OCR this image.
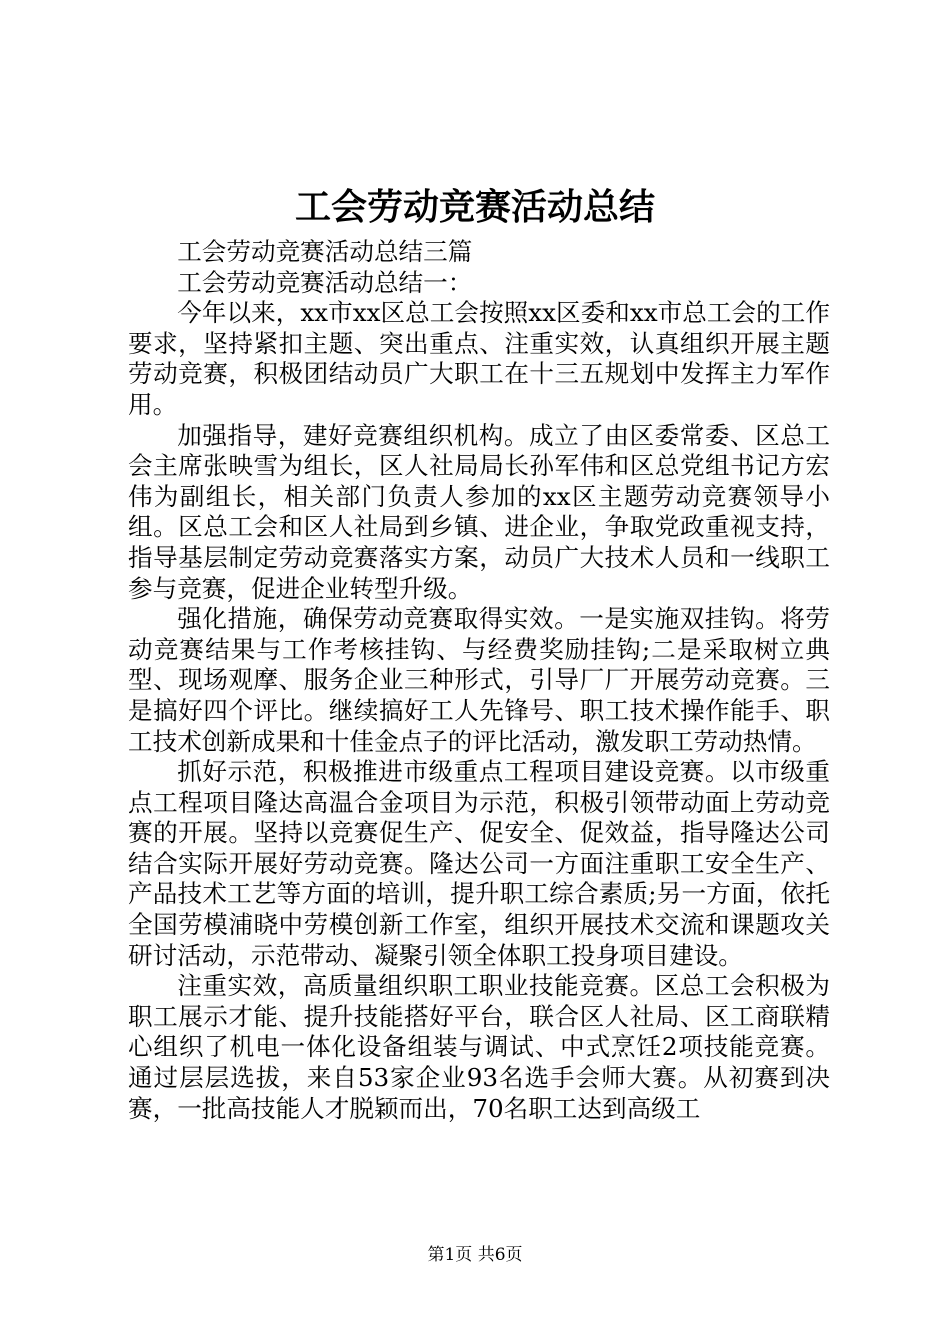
工会劳动竞赛活动总结

工会劳动竞赛活动总结三篇

工会劳动竞赛活动总结一：

今年以来，xx市xx区总工会按照xx区委和xx市总工会的工作要求，坚持紧扣主题、突出重点、注重实效，认真组织开展主题劳动竞赛，积极团结动员广大职工在十三五规划中发挥主力军作用。

加强指导，建好竞赛组织机构。成立了由区委常委、区总工会主席张映雪为组长，区人社局局长孙军伟和区总党组书记方宏伟为副组长，相关部门负责人参加的xx区主题劳动竞赛领导小组。区总工会和区人社局到乡镇、进企业，争取党政重视支持，指导基层制定劳动竞赛落实方案，动员广大技术人员和一线职工参与竞赛，促进企业转型升级。

强化措施，确保劳动竞赛取得实效。一是实施双挂钩。将劳动竞赛结果与工作考核挂钩、与经费奖励挂钩;二是采取树立典型、现场观摩、服务企业三种形式，引导厂厂开展劳动竞赛。三是搞好四个评比。继续搞好工人先锋号、职工技术操作能手、职工技术创新成果和十佳金点子的评比活动，激发职工劳动热情。

抓好示范，积极推进市级重点工程项目建设竞赛。以市级重点工程项目隆达高温合金项目为示范，积极引领带动面上劳动竞赛的开展。坚持以竞赛促生产、促安全、促效益，指导隆达公司结合实际开展好劳动竞赛。隆达公司一方面注重职工安全生产、产品技术工艺等方面的培训，提升职工综合素质;另一方面，依托全国劳模浦晓中劳模创新工作室，组织开展技术交流和课题攻关研讨活动，示范带动、凝聚引领全体职工投身项目建设。

注重实效，高质量组织职工职业技能竞赛。区总工会积极为职工展示才能、提升技能搭好平台，联合区人社局、区工商联精心组织了机电一体化设备组装与调试、中式烹饪2项技能竞赛。通过层层选拔，来自53家企业93名选手会师大赛。从初赛到决赛，一批高技能人才脱颖而出，70名职工达到高级工

第1页 共6页
